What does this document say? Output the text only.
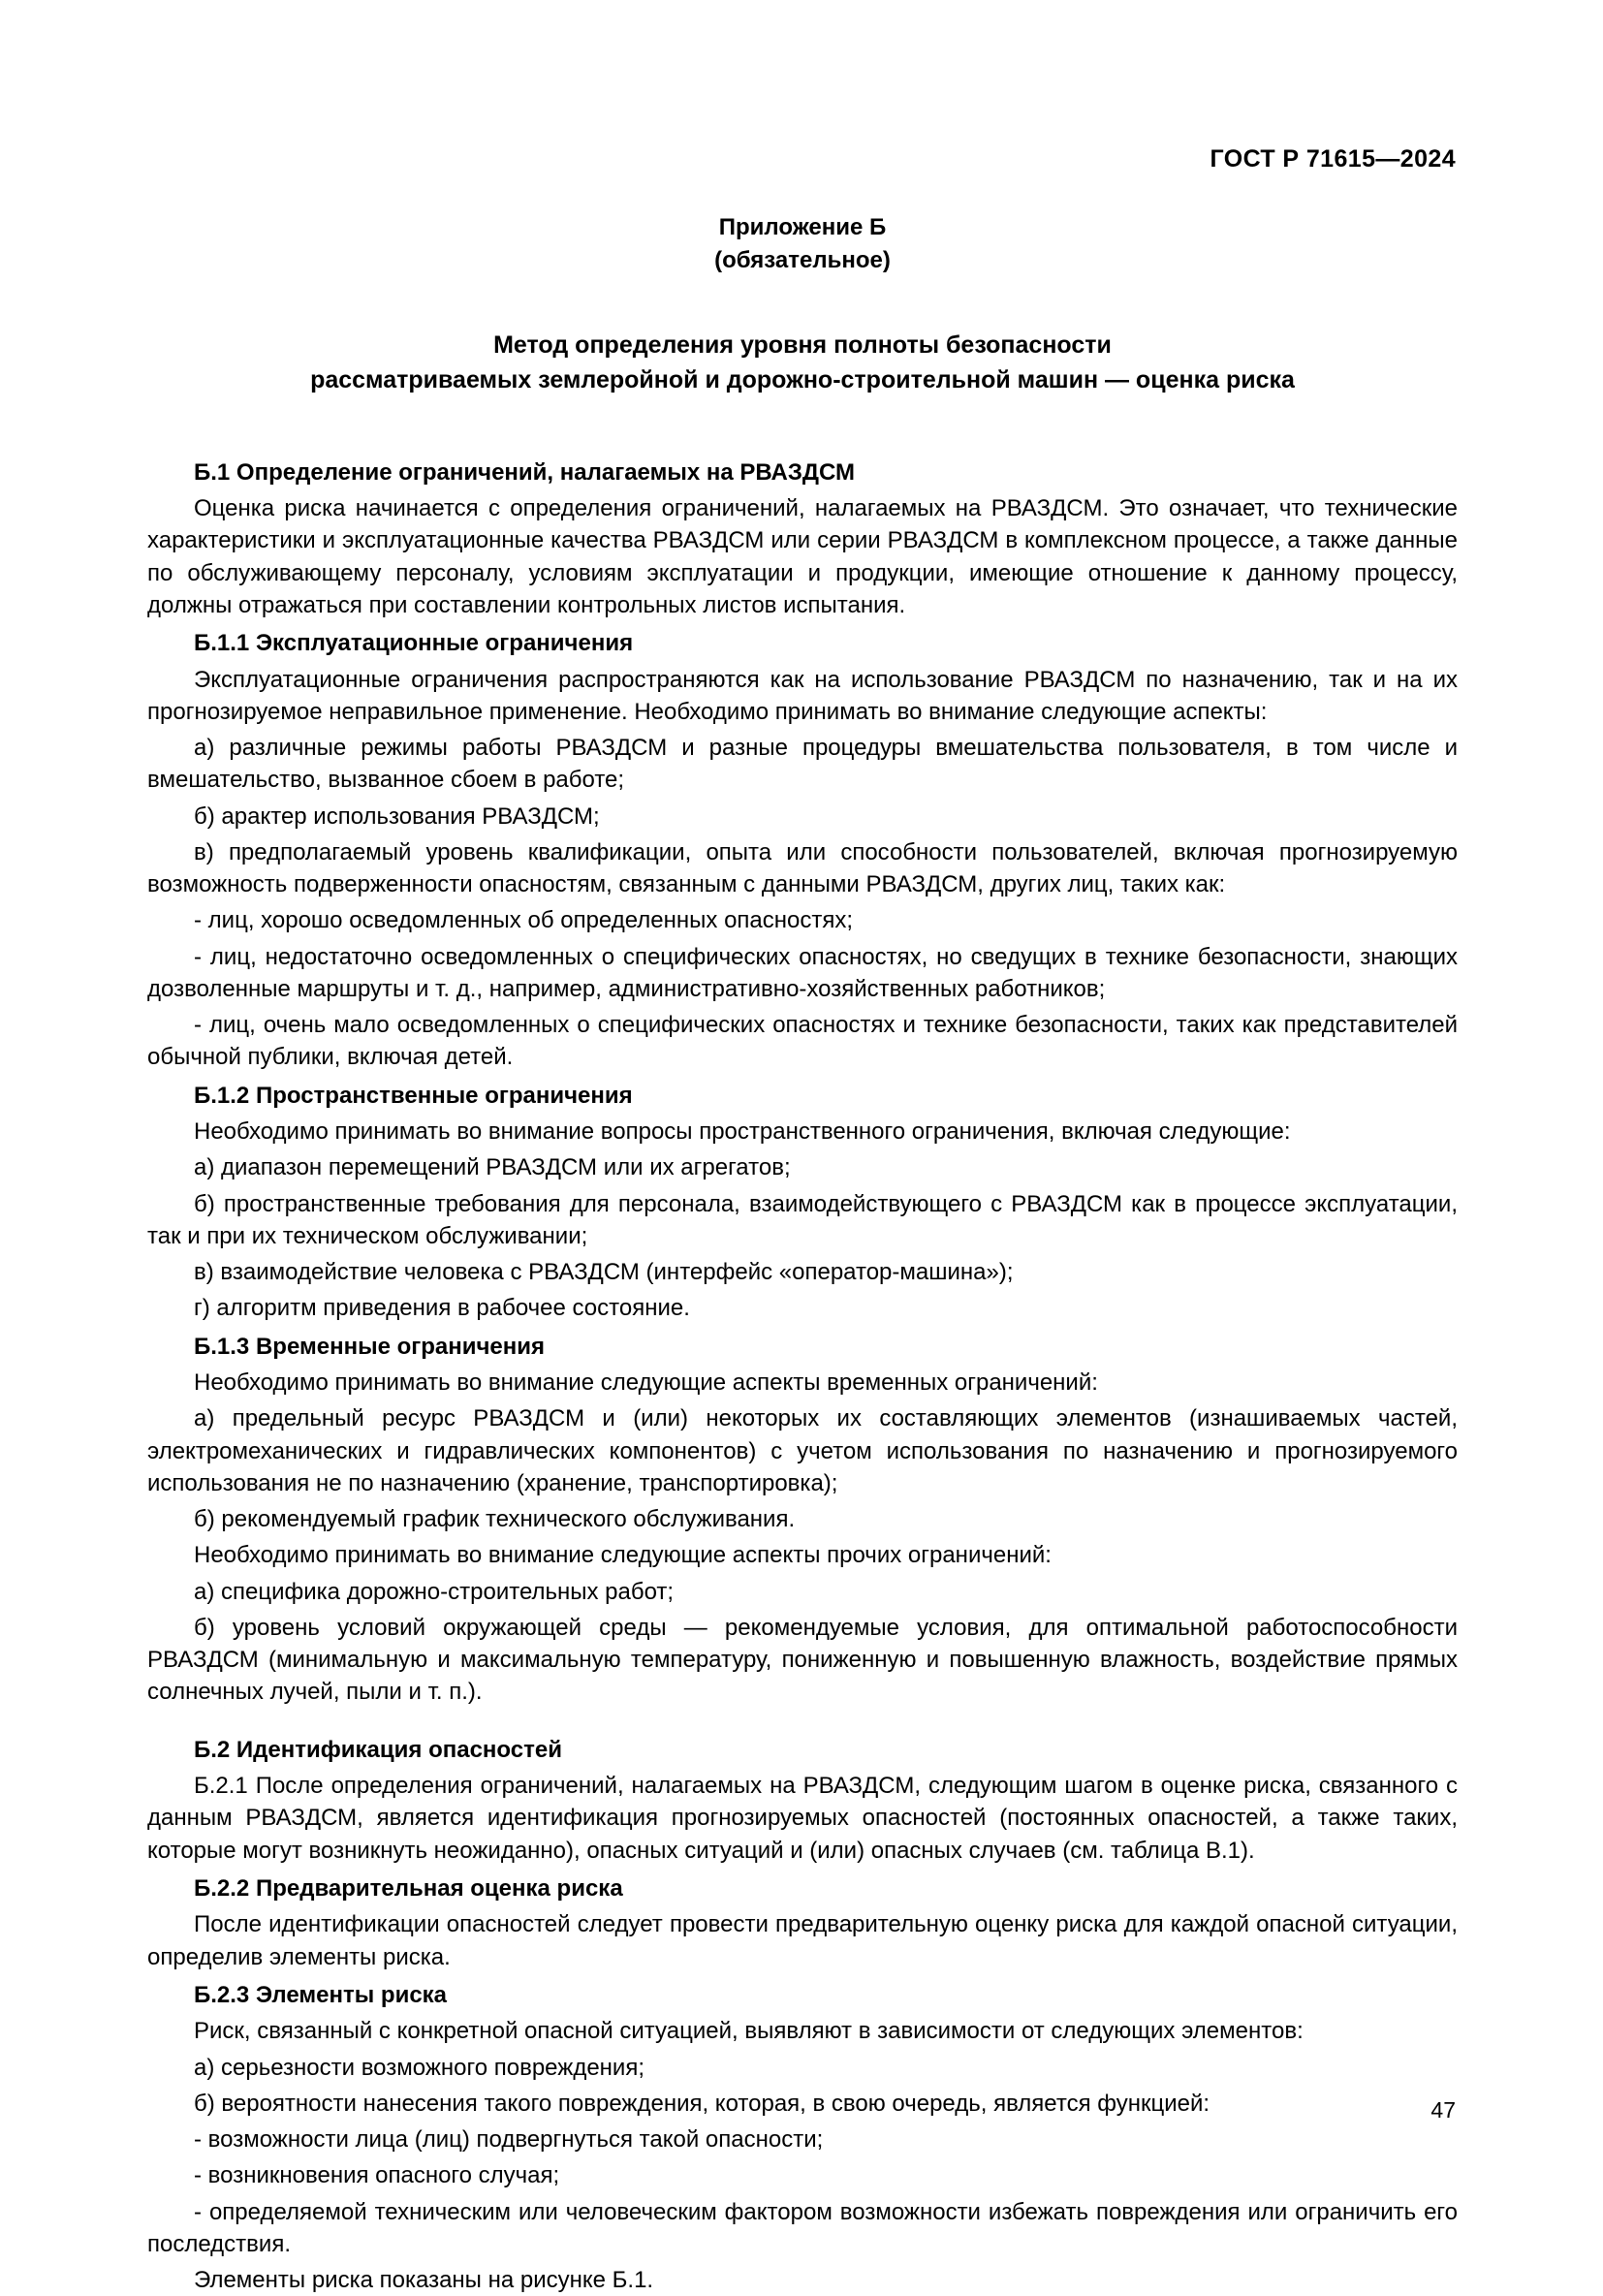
ГОСТ Р 71615—2024
Приложение Б
(обязательное)
Метод определения уровня полноты безопасности
рассматриваемых землеройной и дорожно-строительной машин — оценка риска
Б.1 Определение ограничений, налагаемых на РВАЗДСМ
Оценка риска начинается с определения ограничений, налагаемых на РВАЗДСМ. Это означает, что технические характеристики и эксплуатационные качества РВАЗДСМ или серии РВАЗДСМ в комплексном процессе, а также данные по обслуживающему персоналу, условиям эксплуатации и продукции, имеющие отношение к данному процессу, должны отражаться при составлении контрольных листов испытания.
Б.1.1 Эксплуатационные ограничения
Эксплуатационные ограничения распространяются как на использование РВАЗДСМ по назначению, так и на их прогнозируемое неправильное применение. Необходимо принимать во внимание следующие аспекты:
а) различные режимы работы РВАЗДСМ и разные процедуры вмешательства пользователя, в том числе и вмешательство, вызванное сбоем в работе;
б) арактер использования РВАЗДСМ;
в) предполагаемый уровень квалификации, опыта или способности пользователей, включая прогнозируемую возможность подверженности опасностям, связанным с данными РВАЗДСМ, других лиц, таких как:
- лиц, хорошо осведомленных об определенных опасностях;
- лиц, недостаточно осведомленных о специфических опасностях, но сведущих в технике безопасности, знающих дозволенные маршруты и т. д., например, административно-хозяйственных работников;
- лиц, очень мало осведомленных о специфических опасностях и технике безопасности, таких как представителей обычной публики, включая детей.
Б.1.2 Пространственные ограничения
Необходимо принимать во внимание вопросы пространственного ограничения, включая следующие:
а) диапазон перемещений РВАЗДСМ или их агрегатов;
б) пространственные требования для персонала, взаимодействующего с РВАЗДСМ как в процессе эксплуатации, так и при их техническом обслуживании;
в) взаимодействие человека с РВАЗДСМ (интерфейс «оператор-машина»);
г) алгоритм приведения в рабочее состояние.
Б.1.3 Временные ограничения
Необходимо принимать во внимание следующие аспекты временных ограничений:
а) предельный ресурс РВАЗДСМ и (или) некоторых их составляющих элементов (изнашиваемых частей, электромеханических и гидравлических компонентов) с учетом использования по назначению и прогнозируемого использования не по назначению (хранение, транспортировка);
б) рекомендуемый график технического обслуживания.
Необходимо принимать во внимание следующие аспекты прочих ограничений:
а) специфика дорожно-строительных работ;
б) уровень условий окружающей среды — рекомендуемые условия, для оптимальной работоспособности РВАЗДСМ (минимальную и максимальную температуру, пониженную и повышенную влажность, воздействие прямых солнечных лучей, пыли и т. п.).
Б.2 Идентификация опасностей
Б.2.1 После определения ограничений, налагаемых на РВАЗДСМ, следующим шагом в оценке риска, связанного с данным РВАЗДСМ, является идентификация прогнозируемых опасностей (постоянных опасностей, а также таких, которые могут возникнуть неожиданно), опасных ситуаций и (или) опасных случаев (см. таблица В.1).
Б.2.2 Предварительная оценка риска
После идентификации опасностей следует провести предварительную оценку риска для каждой опасной ситуации, определив элементы риска.
Б.2.3 Элементы риска
Риск, связанный с конкретной опасной ситуацией, выявляют в зависимости от следующих элементов:
а) серьезности возможного повреждения;
б) вероятности нанесения такого повреждения, которая, в свою очередь, является функцией:
- возможности лица (лиц) подвергнуться такой опасности;
- возникновения опасного случая;
- определяемой техническим или человеческим фактором возможности избежать повреждения или ограничить его последствия.
Элементы риска показаны на рисунке Б.1.
47
